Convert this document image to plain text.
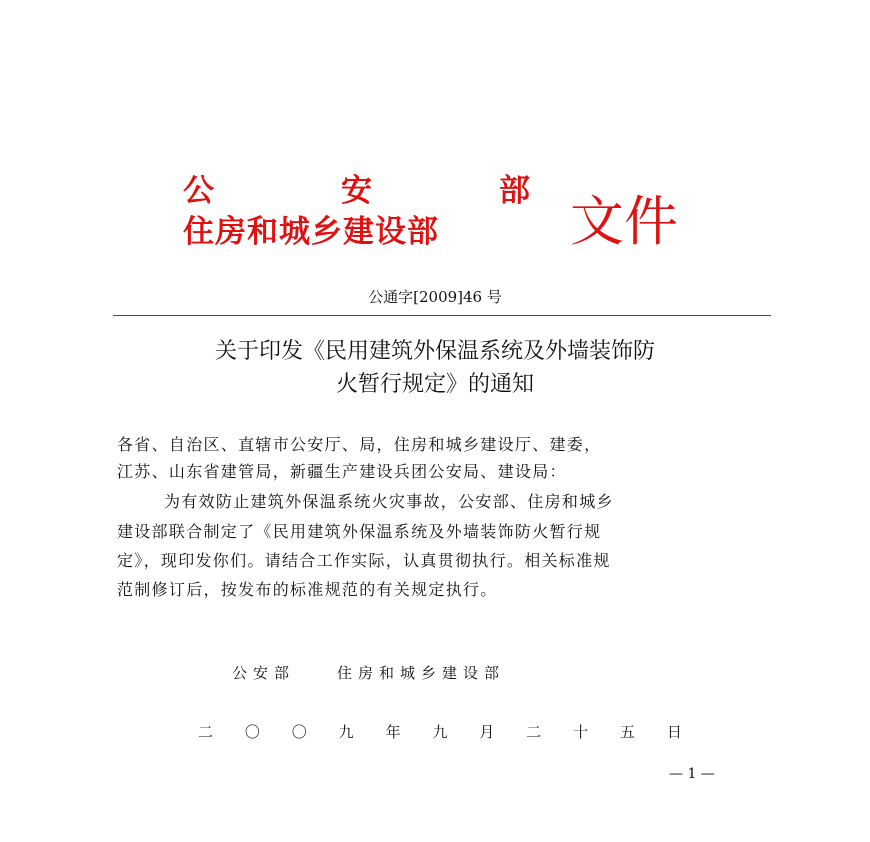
公	安	部
住房和城乡建设部 文件
公通字[2009]46 号
关于印发《民用建筑外保温系统及外墙装饰防
火暂行规定》的通知
各省、自治区、直辖市公安厅、局，住房和城乡建设厅、建委，
江苏、山东省建管局，新疆生产建设兵团公安局、建设局：
为有效防止建筑外保温系统火灾事故，公安部、住房和城乡
建设部联合制定了《民用建筑外保温系统及外墙装饰防火暂行规
定》，现印发你们。请结合工作实际，认真贯彻执行。相关标准规
范制修订后，按发布的标准规范的有关规定执行。
公安部	住房和城乡建设部
二 〇 〇 九 年 九 月 二 十 五 日
— 1 —
